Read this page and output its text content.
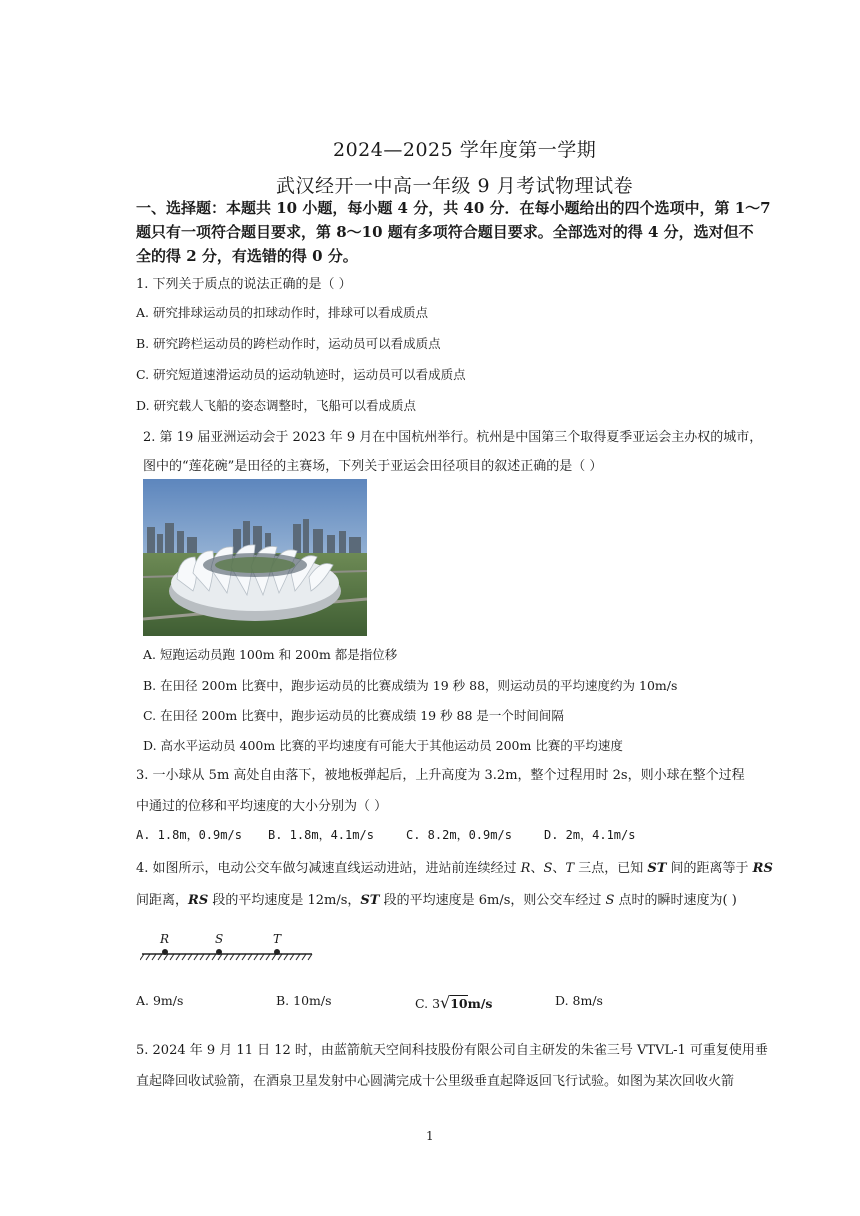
2024—2025 学年度第一学期
武汉经开一中高一年级 9 月考试物理试卷
一、选择题：本题共 10 小题，每小题 4 分，共 40 分．在每小题给出的四个选项中，第 1～7
题只有一项符合题目要求，第 8～10 题有多项符合题目要求。全部选对的得 4 分，选对但不
全的得 2 分，有选错的得 0 分。
1. 下列关于质点的说法正确的是（ ）
A. 研究排球运动员的扣球动作时，排球可以看成质点
B. 研究跨栏运动员的跨栏动作时，运动员可以看成质点
C. 研究短道速滑运动员的运动轨迹时，运动员可以看成质点
D. 研究载人飞船的姿态调整时，飞船可以看成质点
2. 第 19 届亚洲运动会于 2023 年 9 月在中国杭州举行。杭州是中国第三个取得夏季亚运会主办权的城市，
图中的“莲花碗”是田径的主赛场，下列关于亚运会田径项目的叙述正确的是（ ）
A. 短跑运动员跑 100m 和 200m 都是指位移
B. 在田径 200m 比赛中，跑步运动员的比赛成绩为 19 秒 88，则运动员的平均速度约为 10m/s
C. 在田径 200m 比赛中，跑步运动员的比赛成绩 19 秒 88 是一个时间间隔
D. 高水平运动员 400m 比赛的平均速度有可能大于其他运动员 200m 比赛的平均速度
3. 一小球从 5m 高处自由落下，被地板弹起后，上升高度为 3.2m，整个过程用时 2s，则小球在整个过程
中通过的位移和平均速度的大小分别为（ ）
A. 1.8m，0.9m/s B. 1.8m，4.1m/s	C. 8.2m，0.9m/s	D. 2m，4.1m/s
4. 如图所示，电动公交车做匀减速直线运动进站，进站前连续经过 R、S、T 三点，已知 ST 间的距离等于 RS
间距离，RS 段的平均速度是 12m/s，ST 段的平均速度是 6m/s，则公交车经过 S 点时的瞬时速度为( )
R	S	T
A. 9m/s	B. 10m/s	C. 3√10m/s	D. 8m/s
5. 2024 年 9 月 11 日 12 时，由蓝箭航天空间科技股份有限公司自主研发的朱雀三号 VTVL-1 可重复使用垂
直起降回收试验箭，在酒泉卫星发射中心圆满完成十公里级垂直起降返回飞行试验。如图为某次回收火箭
1
